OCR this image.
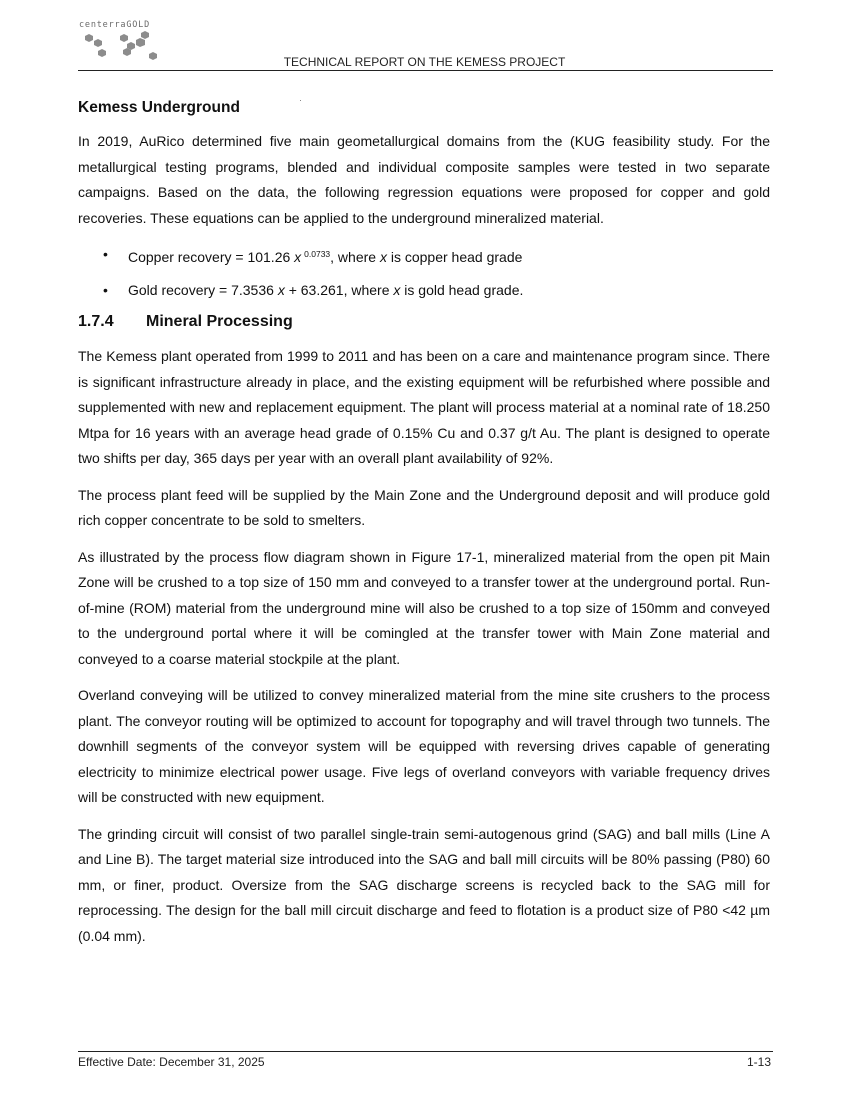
centerraGOLD
TECHNICAL REPORT ON THE KEMESS PROJECT
Kemess Underground

In 2019, AuRico determined five main geometallurgical domains from the (KUG feasibility study. For the metallurgical testing programs, blended and individual composite samples were tested in two separate campaigns. Based on the data, the following regression equations were proposed for copper and gold recoveries. These equations can be applied to the underground mineralized material.

• Copper recovery = 101.26 x $^{0.0733}$, where x is copper head grade
• Gold recovery = 7.3536 x + 63.261, where x is gold head grade.
1.7.4 Mineral Processing

The Kemess plant operated from 1999 to 2011 and has been on a care and maintenance program since. There is significant infrastructure already in place, and the existing equipment will be refurbished where possible and supplemented with new and replacement equipment. The plant will process material at a nominal rate of 18.250 Mtpa for 16 years with an average head grade of 0.15% Cu and 0.37 g/t Au. The plant is designed to operate two shifts per day, 365 days per year with an overall plant availability of 92%.

The process plant feed will be supplied by the Main Zone and the Underground deposit and will produce gold rich copper concentrate to be sold to smelters.

As illustrated by the process flow diagram shown in Figure 17-1, mineralized material from the open pit Main Zone will be crushed to a top size of 150 mm and conveyed to a transfer tower at the underground portal. Run-of-mine (ROM) material from the underground mine will also be crushed to a top size of 150mm and conveyed to the underground portal where it will be comingled at the transfer tower with Main Zone material and conveyed to a coarse material stockpile at the plant.

Overland conveying will be utilized to convey mineralized material from the mine site crushers to the process plant. The conveyor routing will be optimized to account for topography and will travel through two tunnels. The downhill segments of the conveyor system will be equipped with reversing drives capable of generating electricity to minimize electrical power usage. Five legs of overland conveyors with variable frequency drives will be constructed with new equipment.

The grinding circuit will consist of two parallel single-train semi-autogenous grind (SAG) and ball mills (Line A and Line B). The target material size introduced into the SAG and ball mill circuits will be 80% passing (P80) 60 mm, or finer, product. Oversize from the SAG discharge screens is recycled back to the SAG mill for reprocessing. The design for the ball mill circuit discharge and feed to flotation is a product size of P80 <42 µm (0.04 mm).

Effective Date: December 31, 2025	1-13
